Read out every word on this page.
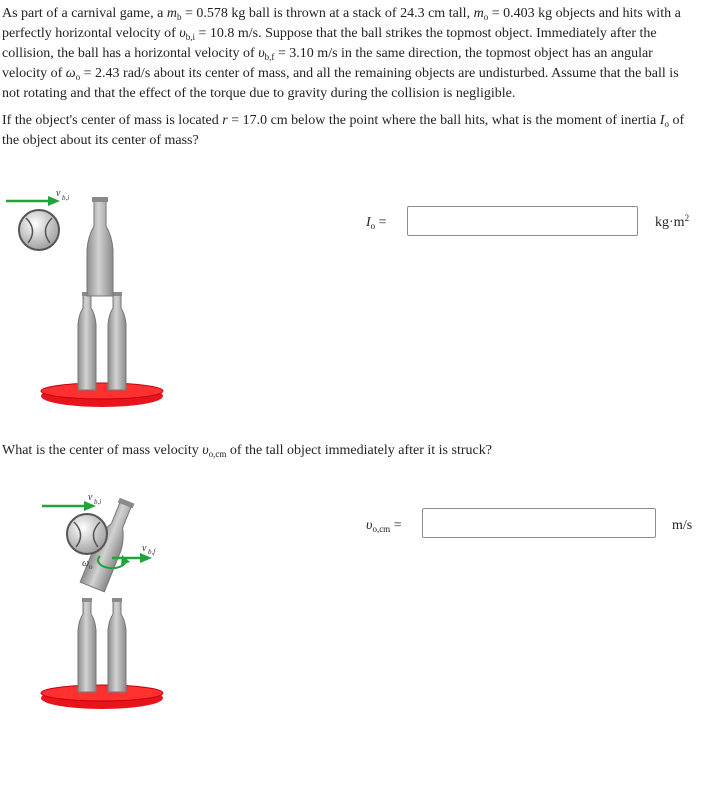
As part of a carnival game, a $m_b = 0.578$ kg ball is thrown at a stack of 24.3 cm tall, $m_o = 0.403$ kg objects and hits with a perfectly horizontal velocity of $\upsilon_{b,i} = 10.8$ m/s. Suppose that the ball strikes the topmost object. Immediately after the collision, the ball has a horizontal velocity of $\upsilon_{b,f} = 3.10$ m/s in the same direction, the topmost object has an angular velocity of $\omega_o = 2.43$ rad/s about its center of mass, and all the remaining objects are undisturbed. Assume that the ball is not rotating and that the effect of the torque due to gravity during the collision is negligible.

If the object's center of mass is located r = 17.0 cm below the point where the ball hits, what is the moment of inertia $I_o$ of the object about its center of mass?

v b,i
$I_o$ =	$kg\cdot m^2$

What is the center of mass velocity $\upsilon_{o,cm}$ of the tall object immediately after it is struck?

v b,i
ω o
v b,f
$\upsilon_{o,cm}$ =	m/s
